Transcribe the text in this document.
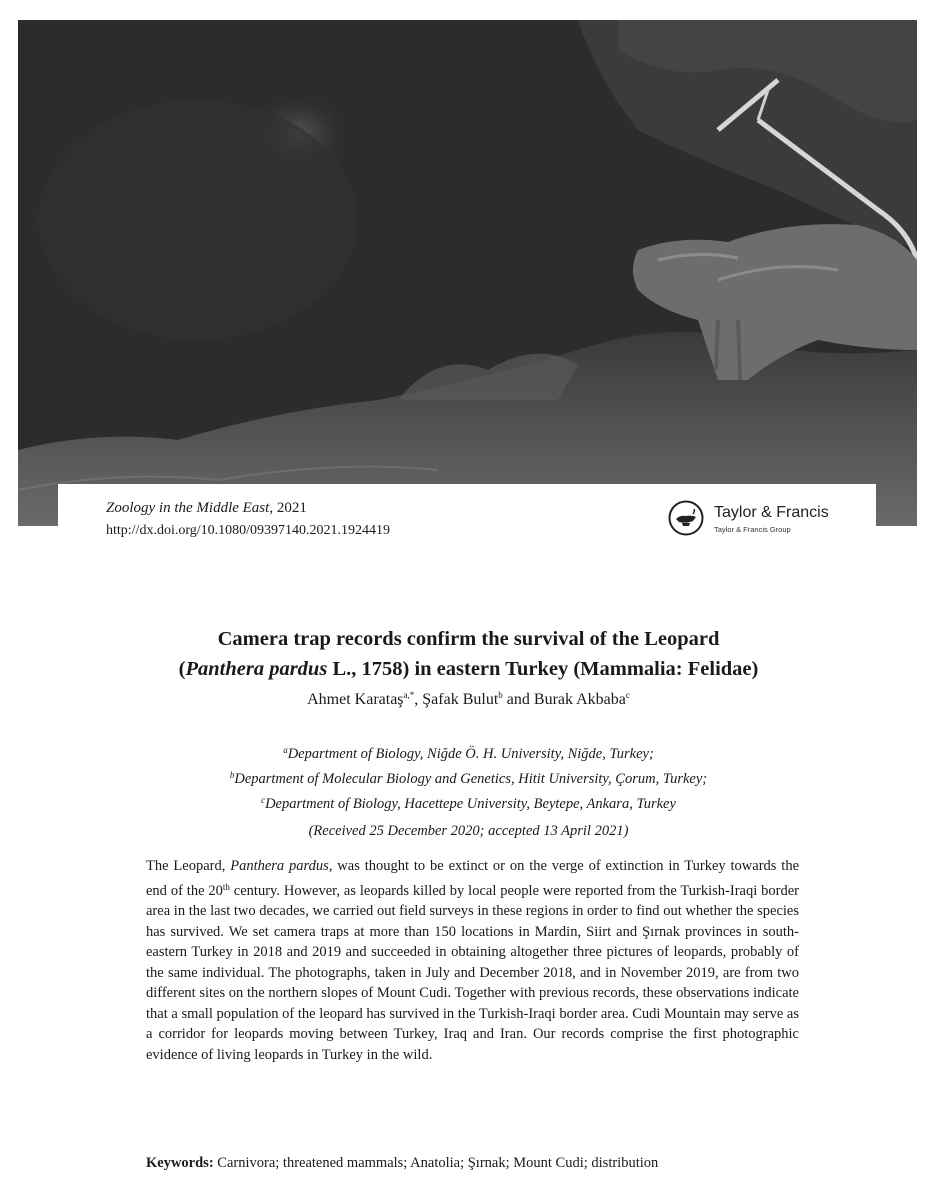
Zoology in the Middle East, 2021
http://dx.doi.org/10.1080/09397140.2021.1924419
Taylor & Francis
Taylor & Francis Group
Camera trap records confirm the survival of the Leopard
(Panthera pardus L., 1758) in eastern Turkey (Mammalia: Felidae)
Ahmet Karataş$^{a,*}$, Şafak Bulut$^b$ and Burak Akbaba$^c$
$^a$Department of Biology, Niğde Ö. H. University, Niğde, Turkey;
$^b$Department of Molecular Biology and Genetics, Hitit University, Çorum, Turkey;
$^c$Department of Biology, Hacettepe University, Beytepe, Ankara, Turkey
(Received 25 December 2020; accepted 13 April 2021)
The Leopard, Panthera pardus, was thought to be extinct or on the verge of extinction in Turkey towards the end of the 20th century. However, as leopards killed by local people were reported from the Turkish-Iraqi border area in the last two decades, we carried out field surveys in these regions in order to find out whether the species has survived. We set camera traps at more than 150 locations in Mardin, Siirt and Şırnak provinces in south-eastern Turkey in 2018 and 2019 and succeeded in obtaining altogether three pictures of leopards, probably of the same individual. The photographs, taken in July and December 2018, and in November 2019, are from two different sites on the northern slopes of Mount Cudi. Together with previous records, these observations indicate that a small population of the leopard has survived in the Turkish-Iraqi border area. Cudi Mountain may serve as a corridor for leopards moving between Turkey, Iraq and Iran. Our records comprise the first photographic evidence of living leopards in Turkey in the wild.
Keywords: Carnivora; threatened mammals; Anatolia; Şırnak; Mount Cudi; distribution
